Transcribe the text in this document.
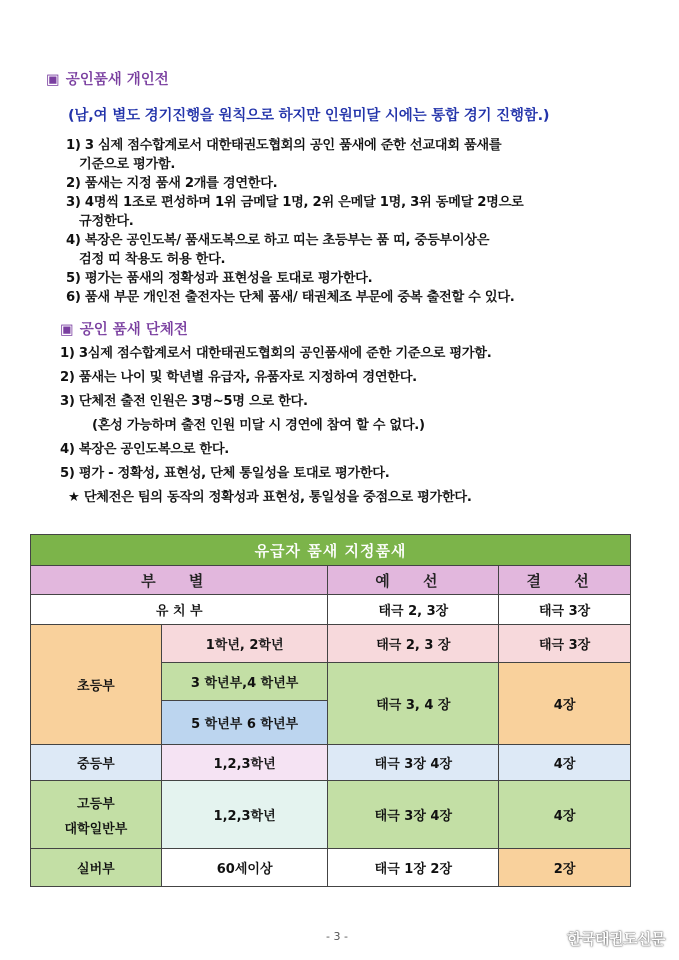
▣ 공인품새 개인전
(남,여 별도 경기진행을 원칙으로 하지만 인원미달 시에는 통합 경기 진행함.)
1) 3 심제 점수합계로서 대한태권도협회의 공인 품새에 준한 선교대회 품새를
기준으로 평가함.
2) 품새는 지정 품새 2개를 경연한다.
3) 4명씩 1조로 편성하며 1위 금메달 1명, 2위 은메달 1명, 3위 동메달 2명으로
규정한다.
4) 복장은 공인도복/ 품새도복으로 하고 띠는 초등부는 품 띠, 중등부이상은
검정 띠 착용도 허용 한다.
5) 평가는 품새의 정확성과 표현성을 토대로 평가한다.
6) 품새 부문 개인전 출전자는 단체 품새/ 태권체조 부문에 중복 출전할 수 있다.
▣ 공인 품새 단체전
1) 3심제 점수합계로서 대한태권도협회의 공인품새에 준한 기준으로 평가함.
2) 품새는 나이 및 학년별 유급자, 유품자로 지정하여 경연한다.
3) 단체전 출전 인원은 3명~5명 으로 한다.
(혼성 가능하며 출전 인원 미달 시 경연에 참여 할 수 없다.)
4) 복장은 공인도복으로 한다.
5) 평가 - 정확성, 표현성, 단체 통일성을 토대로 평가한다.
★ 단체전은 팀의 동작의 정확성과 표현성, 통일성을 중점으로 평가한다.
유급자 품새 지정품새			
부 별		예 선	결 선
유 치 부		태극 2, 3장	태극 3장
초등부	1학년, 2학년	태극 2, 3 장	태극 3장
	3 학년부,4 학년부	태극 3, 4 장	4장
	5 학년부 6 학년부		
중등부	1,2,3학년	태극 3장 4장	4장

고등부
대학일반부	1,2,3학년	태극 3장 4장	4장
실버부	60세이상	태극 1장 2장	2장
- 3 -	한국태권도신문
